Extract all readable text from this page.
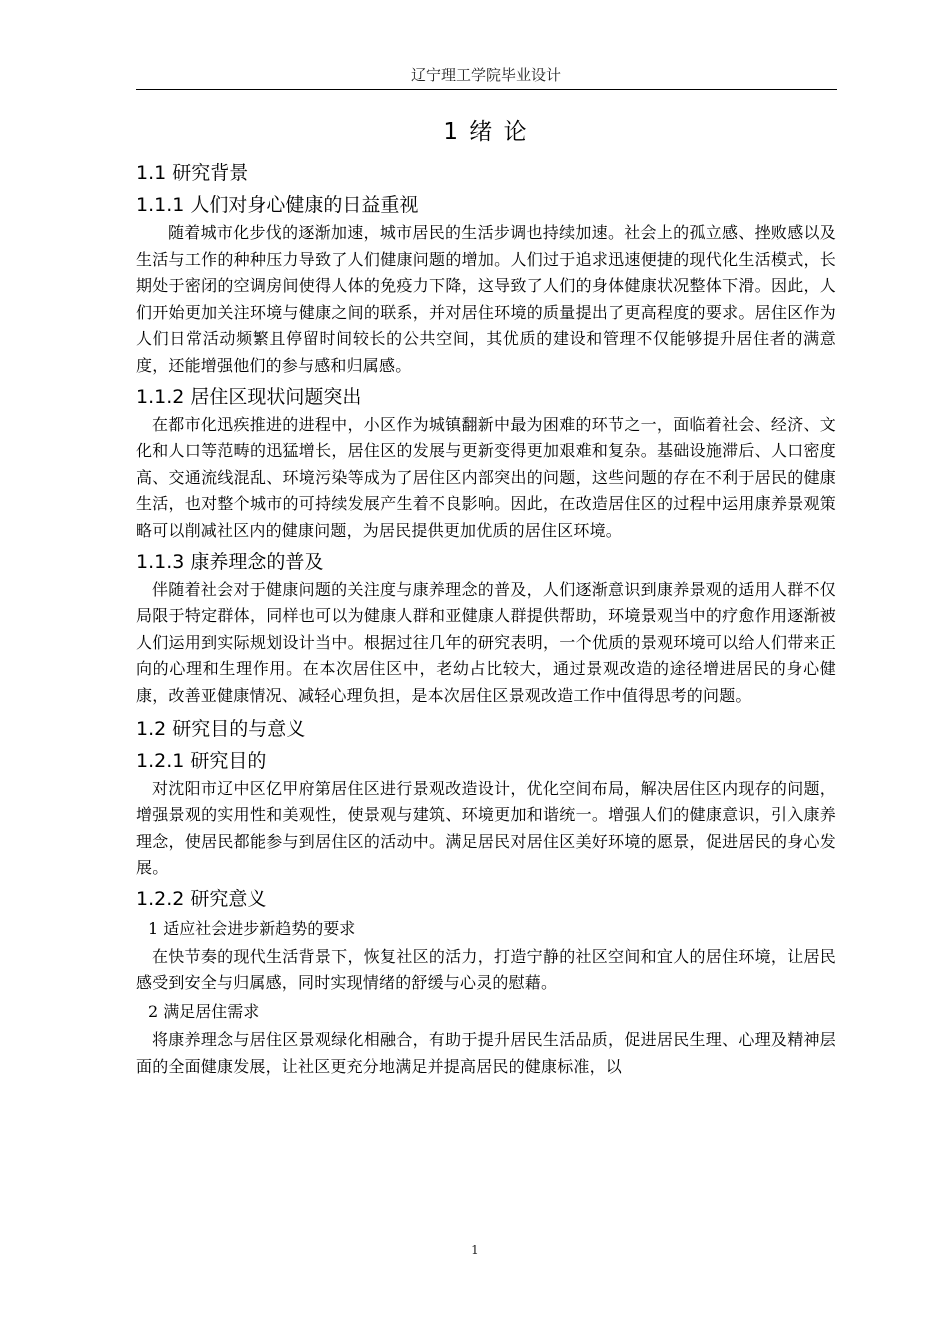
辽宁理工学院毕业设计
1 绪 论
1.1 研究背景
1.1.1 人们对身心健康的日益重视

随着城市化步伐的逐渐加速，城市居民的生活步调也持续加速。社会上的孤立感、挫败感以及生活与工作的种种压力导致了人们健康问题的增加。人们过于追求迅速便捷的现代化生活模式，长期处于密闭的空调房间使得人体的免疫力下降，这导致了人们的身体健康状况整体下滑。因此，人们开始更加关注环境与健康之间的联系，并对居住环境的质量提出了更高程度的要求。居住区作为人们日常活动频繁且停留时间较长的公共空间，其优质的建设和管理不仅能够提升居住者的满意度，还能增强他们的参与感和归属感。

1.1.2 居住区现状问题突出

在都市化迅疾推进的进程中，小区作为城镇翻新中最为困难的环节之一，面临着社会、经济、文化和人口等范畴的迅猛增长，居住区的发展与更新变得更加艰难和复杂。基础设施滞后、人口密度高、交通流线混乱、环境污染等成为了居住区内部突出的问题，这些问题的存在不利于居民的健康生活，也对整个城市的可持续发展产生着不良影响。因此，在改造居住区的过程中运用康养景观策略可以削减社区内的健康问题，为居民提供更加优质的居住区环境。

1.1.3 康养理念的普及

伴随着社会对于健康问题的关注度与康养理念的普及，人们逐渐意识到康养景观的适用人群不仅局限于特定群体，同样也可以为健康人群和亚健康人群提供帮助，环境景观当中的疗愈作用逐渐被人们运用到实际规划设计当中。根据过往几年的研究表明，一个优质的景观环境可以给人们带来正向的心理和生理作用。在本次居住区中，老幼占比较大，通过景观改造的途径增进居民的身心健康，改善亚健康情况、减轻心理负担，是本次居住区景观改造工作中值得思考的问题。

1.2 研究目的与意义
1.2.1 研究目的

对沈阳市辽中区亿甲府第居住区进行景观改造设计，优化空间布局，解决居住区内现存的问题，增强景观的实用性和美观性，使景观与建筑、环境更加和谐统一。增强人们的健康意识，引入康养理念，使居民都能参与到居住区的活动中。满足居民对居住区美好环境的愿景，促进居民的身心发展。

1.2.2 研究意义
1 适应社会进步新趋势的要求

在快节奏的现代生活背景下，恢复社区的活力，打造宁静的社区空间和宜人的居住环境，让居民感受到安全与归属感，同时实现情绪的舒缓与心灵的慰藉。

2 满足居住需求

将康养理念与居住区景观绿化相融合，有助于提升居民生活品质，促进居民生理、心理及精神层面的全面健康发展，让社区更充分地满足并提高居民的健康标准，以

1
